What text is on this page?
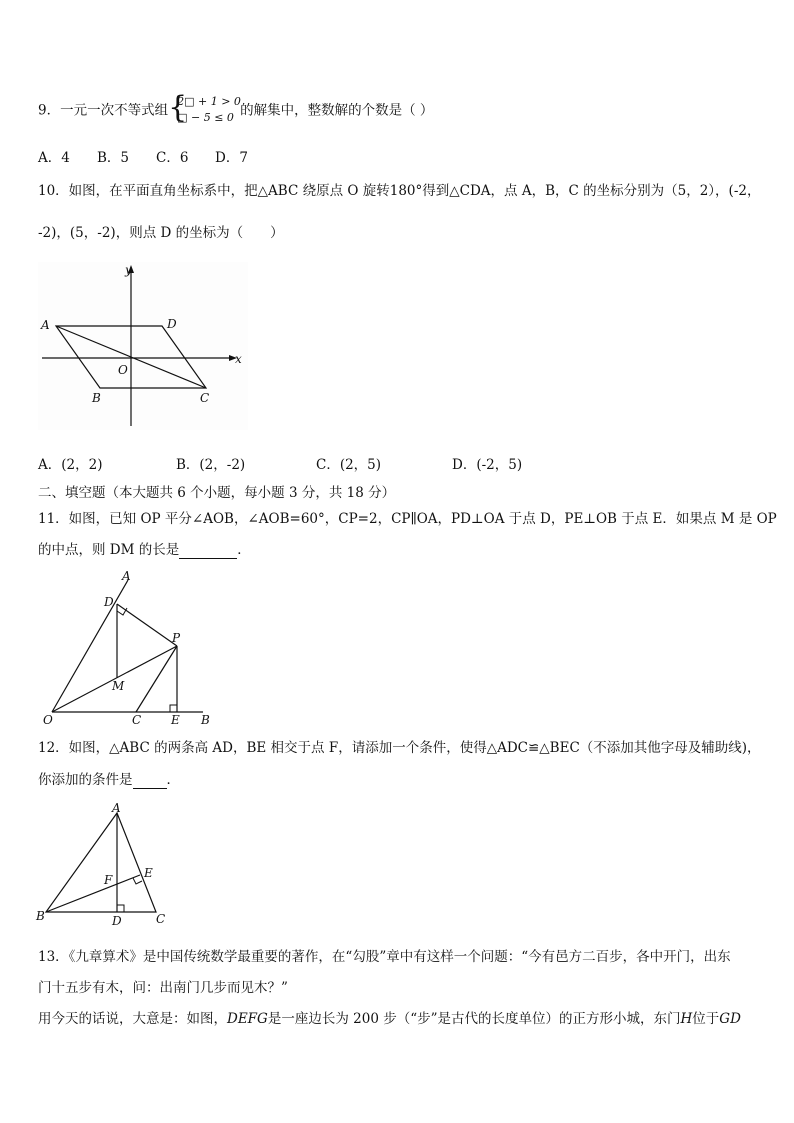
9．一元一次不等式组 {
2□ + 1 > 0
□ − 5 ≤ 0 的解集中，整数解的个数是（ ）
A．4 B．5 C．6 D．7
10．如图，在平面直角坐标系中，把△ABC 绕原点 O 旋转180°得到△CDA，点 A，B，C 的坐标分别为（5，2），(-2，
-2)，(5，-2)，则点 D 的坐标为（　　）
y
x
A	D
O
B	C
A．(2，2)	B．(2，-2)	C．(2，5)	D．(-2，5)
二、填空题（本大题共 6 个小题，每小题 3 分，共 18 分）
11．如图，已知 OP 平分∠AOB，∠AOB=60°，CP=2，CP∥OA，PD⊥OA 于点 D，PE⊥OB 于点 E．如果点 M 是 OP
的中点，则 DM 的长是	．
A
D
P
M
O	C E B
12．如图，△ABC 的两条高 AD，BE 相交于点 F，请添加一个条件，使得△ADC≌△BEC（不添加其他字母及辅助线)，
你添加的条件是	．
A
E
F
B	D	C
13．《九章算术》是中国传统数学最重要的著作，在“勾股”章中有这样一个问题：“今有邑方二百步，各中开门，出东
门十五步有木，问：出南门几步而见木？”
用今天的话说，大意是：如图，DEFG是一座边长为 200 步（“步”是古代的长度单位）的正方形小城，东门H位于GD
